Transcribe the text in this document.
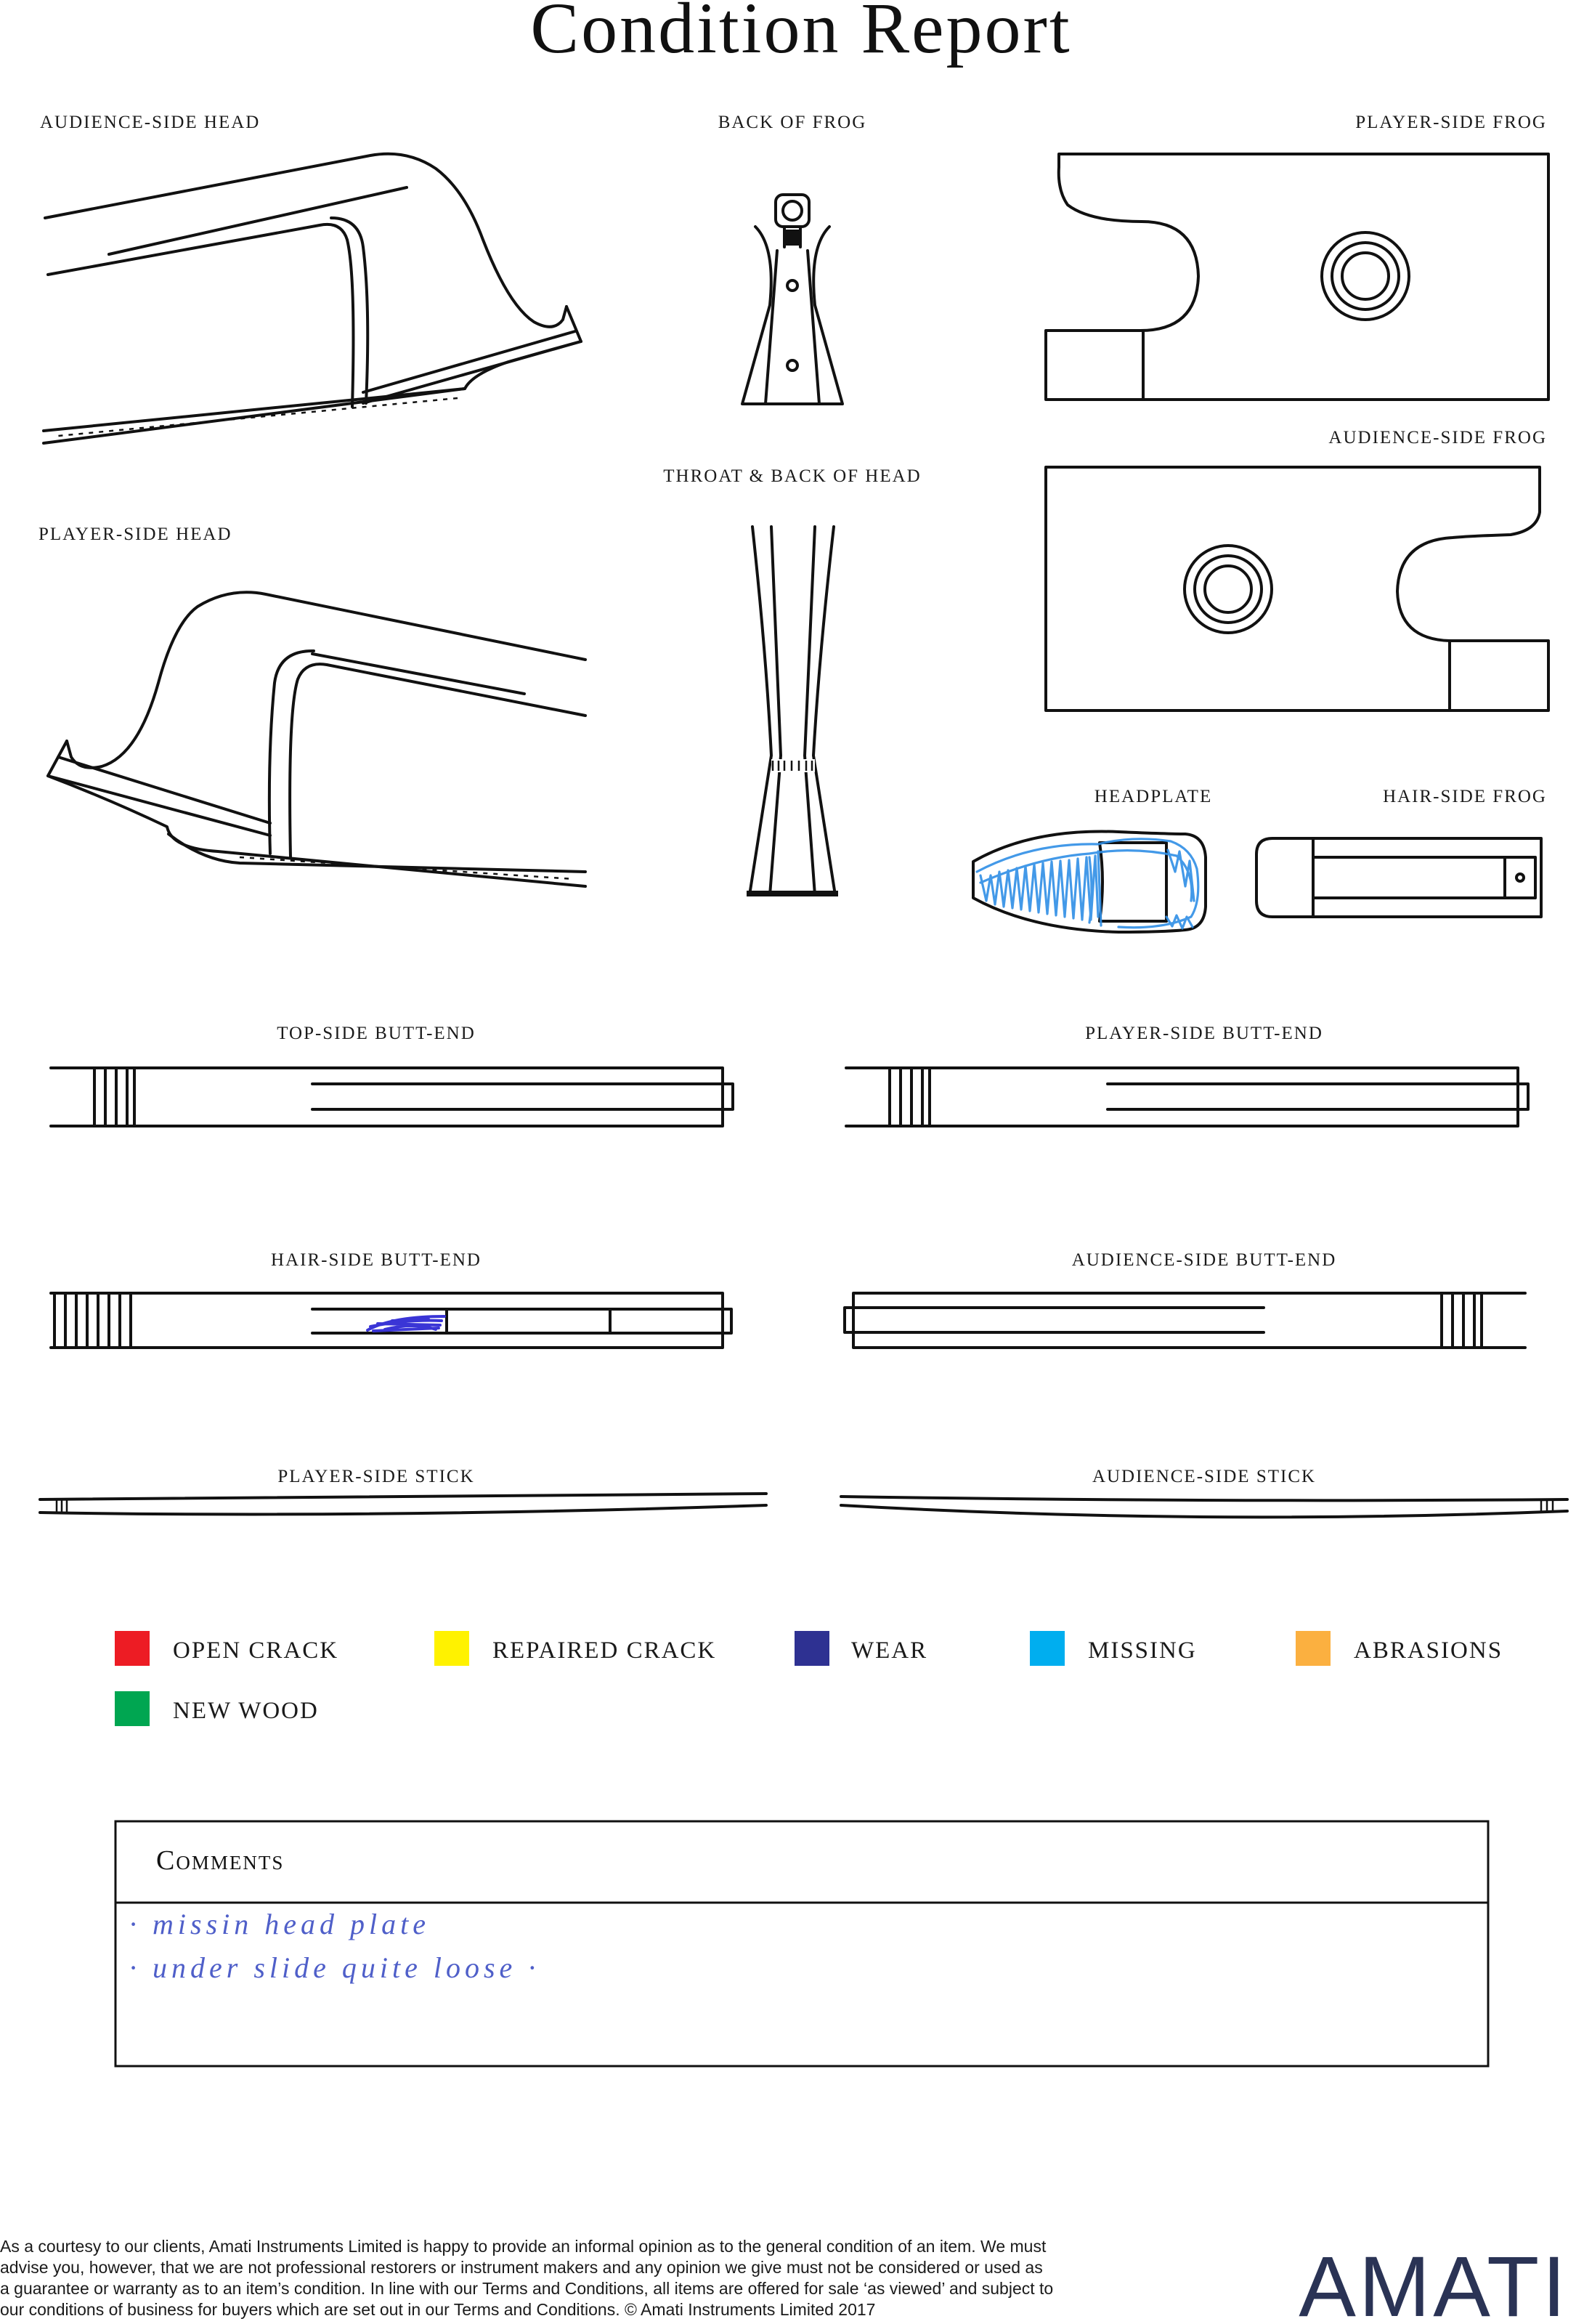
Condition Report
AUDIENCE-SIDE HEAD	BACK OF FROG	PLAYER-SIDE FROG
AUDIENCE-SIDE FROG
THROAT & BACK OF HEAD
PLAYER-SIDE HEAD
HEADPLATE	HAIR-SIDE FROG
TOP-SIDE BUTT-END	PLAYER-SIDE BUTT-END
HAIR-SIDE BUTT-END	AUDIENCE-SIDE BUTT-END
PLAYER-SIDE STICK	AUDIENCE-SIDE STICK
OPEN CRACK	REPAIRED CRACK	WEAR	MISSING	ABRASIONS
NEW WOOD
Comments
· missin head plate
· under slide quite loose ·
As a courtesy to our clients, Amati Instruments Limited is happy to provide an informal opinion as to the general condition of an item. We must
advise you, however, that we are not professional restorers or instrument makers and any opinion we give must not be considered or used as
a guarantee or warranty as to an item’s condition. In line with our Terms and Conditions, all items are offered for sale ‘as viewed’ and subject to
our conditions of business for buyers which are set out in our Terms and Conditions. © Amati Instruments Limited 2017	AMATI
